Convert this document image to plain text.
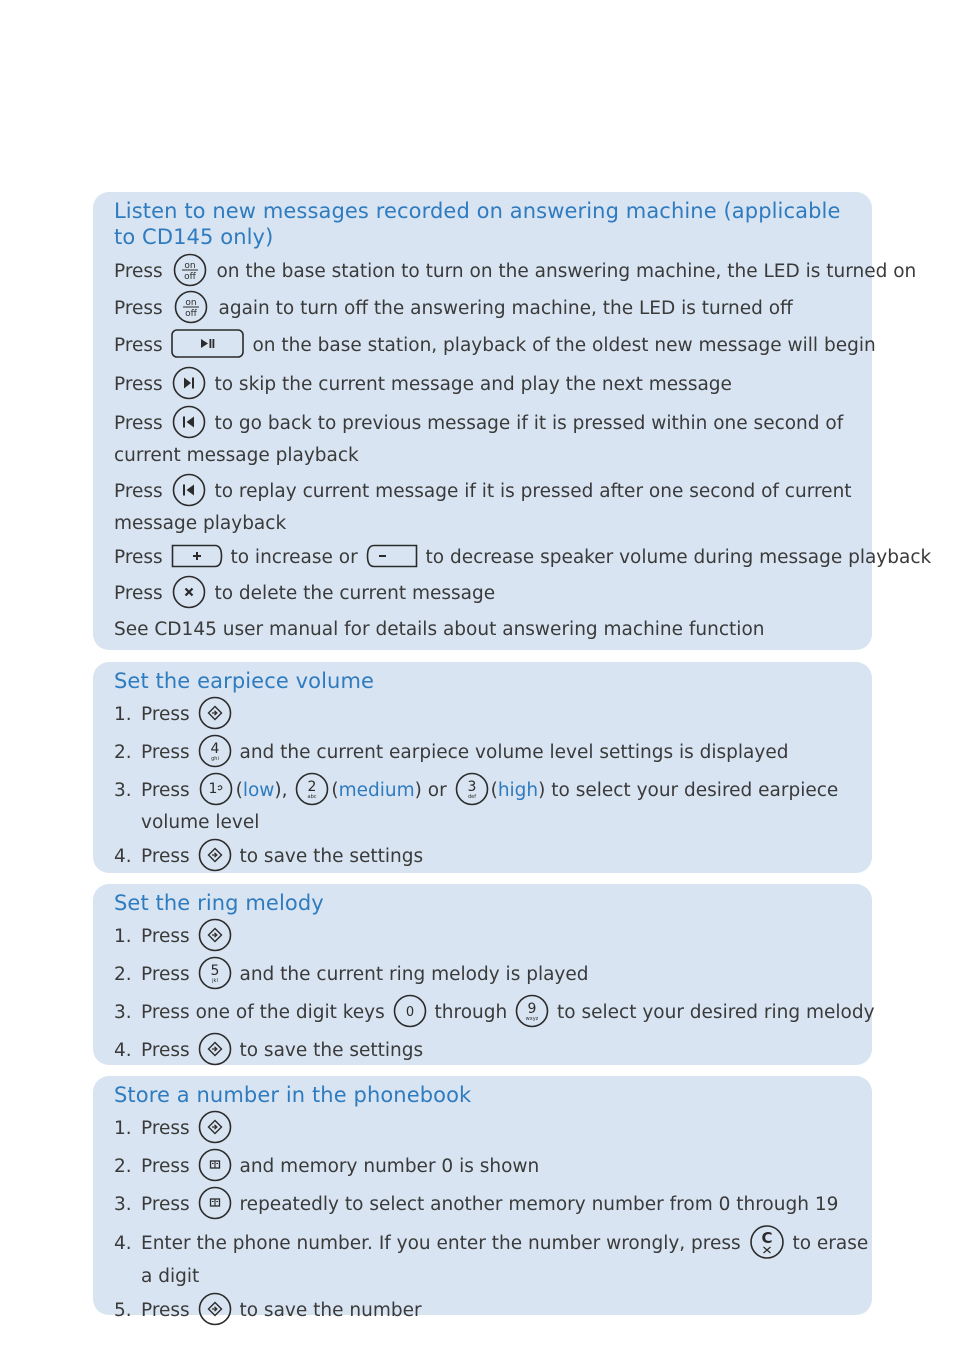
Listen to new messages recorded on answering machine (applicable to CD145 only)
Press on
off on the base station to turn on the answering machine, the LED is turned on
Press on
off again to turn off the answering machine, the LED is turned off
Press	on the base station, playback of the oldest new message will begin
Press	to skip the current message and play the next message
Press	to go back to previous message if it is pressed within one second of
current message playback
Press	to replay current message if it is pressed after one second of current
message playback
Press	to increase or	to decrease speaker volume during message playback
Press	to delete the current message
See CD145 user manual for details about answering machine function
Set the earpiece volume
1. Press
2. Press 4
ghi and the current earpiece volume level settings is displayed
3. Press 1 (low), 2
abc (medium) or 3
def (high) to select your desired earpiece
volume level
4. Press	to save the settings
Set the ring melody
1. Press
2. Press 5
jkl and the current ring melody is played
3. Press one of the digit keys 0 through 9
wxyz to select your desired ring melody
4. Press	to save the settings
Store a number in the phonebook
1. Press
2. Press	and memory number 0 is shown
3. Press	repeatedly to select another memory number from 0 through 19
4. Enter the phone number. If you enter the number wrongly, press C to erase
a digit
5. Press	to save the number
